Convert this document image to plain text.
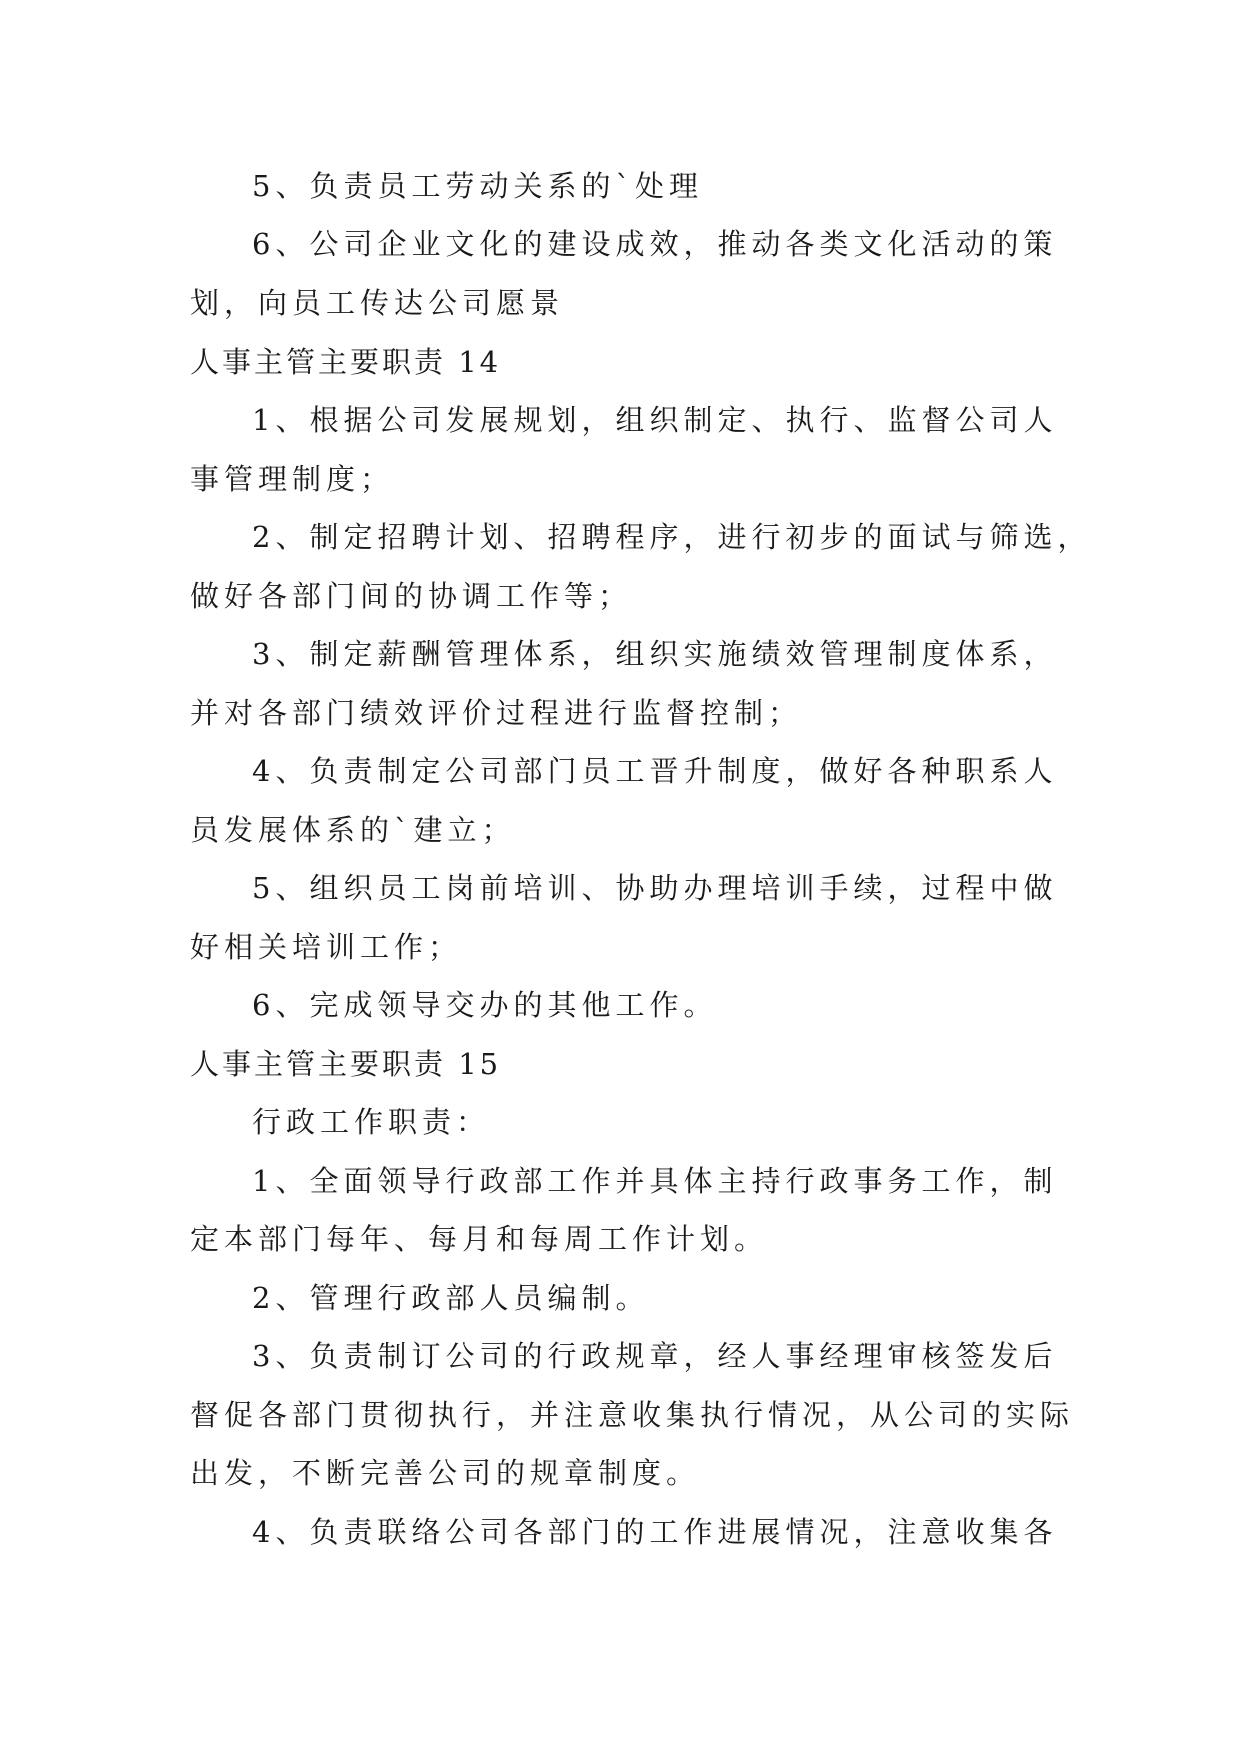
5、负责员工劳动关系的`处理
6、公司企业文化的建设成效，推动各类文化活动的策
划，向员工传达公司愿景
人事主管主要职责 14
1、根据公司发展规划，组织制定、执行、监督公司人
事管理制度；
2、制定招聘计划、招聘程序，进行初步的面试与筛选，
做好各部门间的协调工作等；
3、制定薪酬管理体系，组织实施绩效管理制度体系，
并对各部门绩效评价过程进行监督控制；
4、负责制定公司部门员工晋升制度，做好各种职系人
员发展体系的`建立；
5、组织员工岗前培训、协助办理培训手续，过程中做
好相关培训工作；
6、完成领导交办的其他工作。
人事主管主要职责 15
行政工作职责：
1、全面领导行政部工作并具体主持行政事务工作，制
定本部门每年、每月和每周工作计划。
2、管理行政部人员编制。
3、负责制订公司的行政规章，经人事经理审核签发后
督促各部门贯彻执行，并注意收集执行情况，从公司的实际
出发，不断完善公司的规章制度。
4、负责联络公司各部门的工作进展情况，注意收集各
